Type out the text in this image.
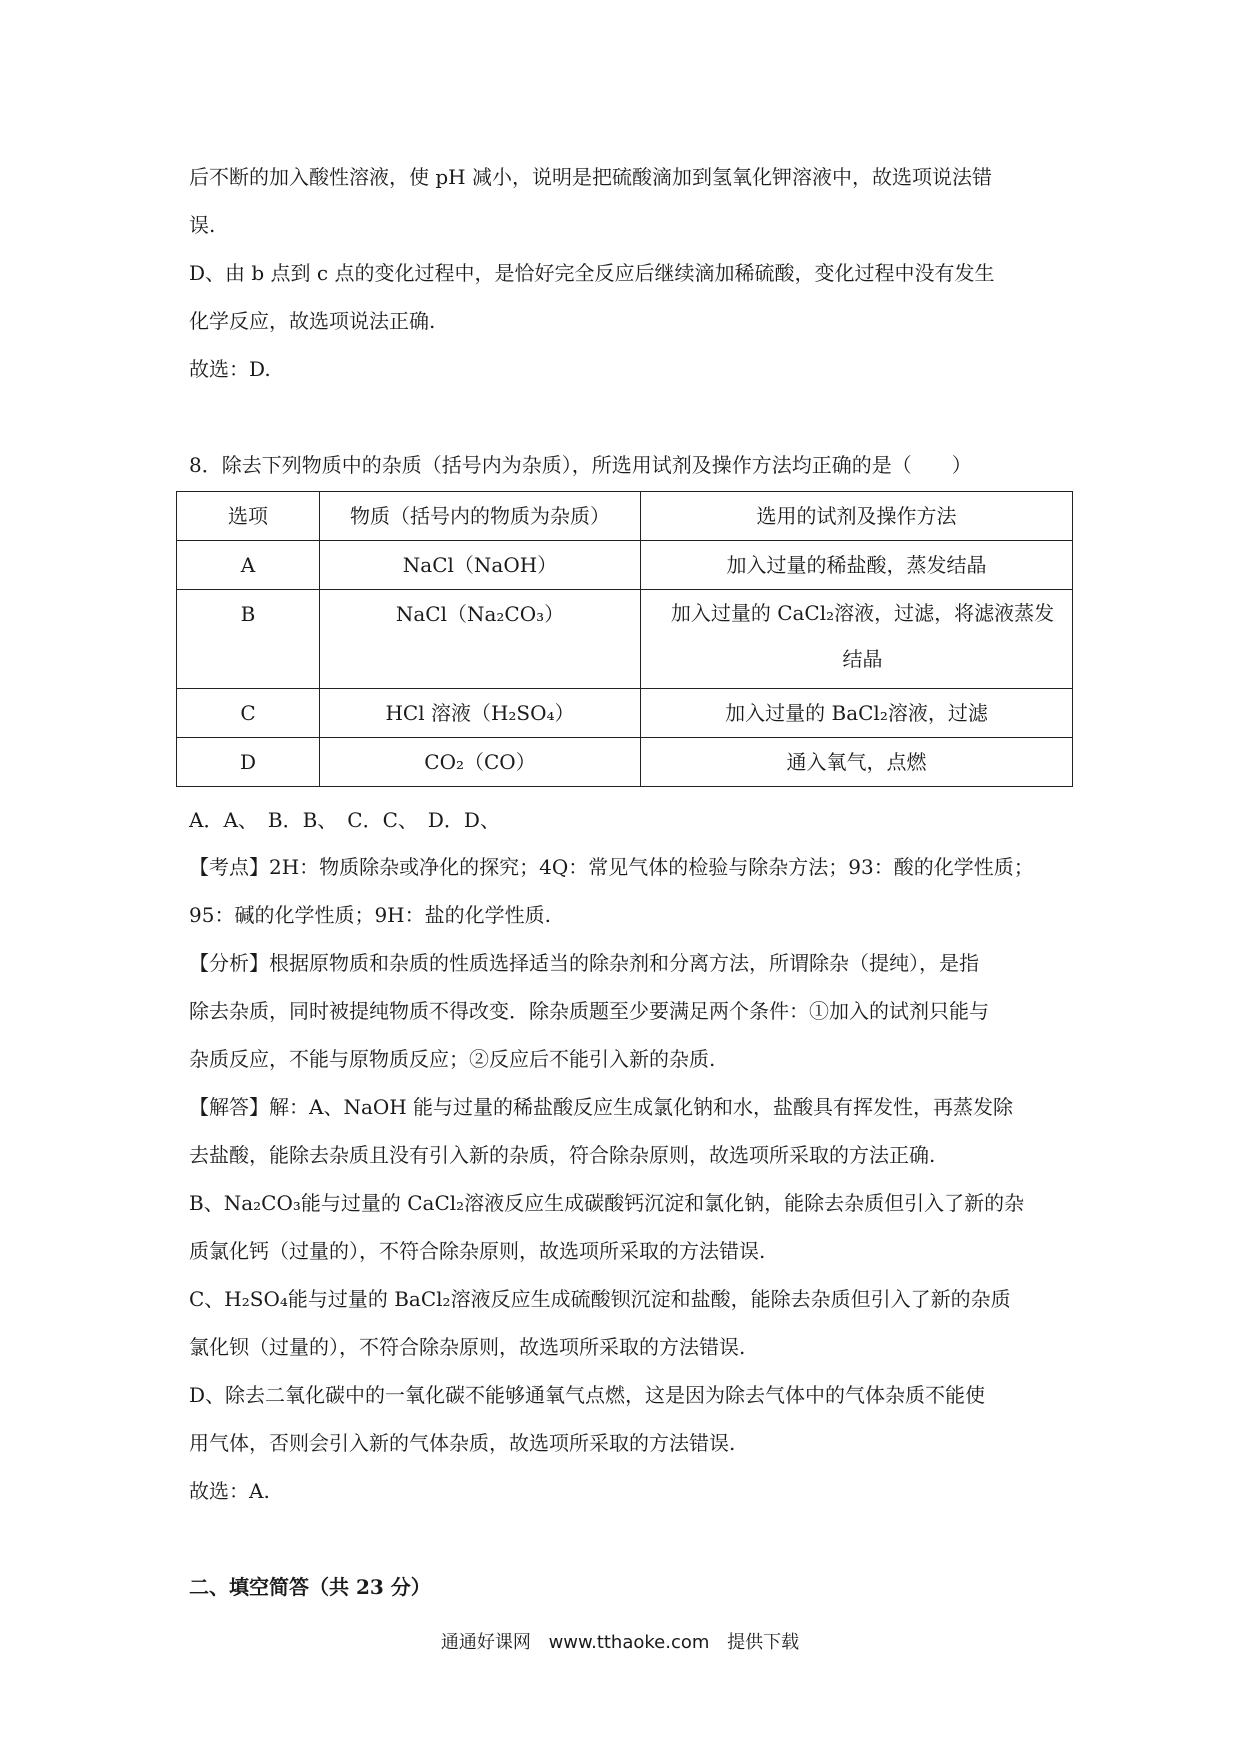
后不断的加入酸性溶液，使 pH 减小，说明是把硫酸滴加到氢氧化钾溶液中，故选项说法错
误.
D、由 b 点到 c 点的变化过程中，是恰好完全反应后继续滴加稀硫酸，变化过程中没有发生
化学反应，故选项说法正确.
故选：D.
8．除去下列物质中的杂质（括号内为杂质），所选用试剂及操作方法均正确的是（　　）
选项	物质（括号内的物质为杂质）	选用的试剂及操作方法
A	NaCl（NaOH）	加入过量的稀盐酸，蒸发结晶
B	NaCl（Na₂CO₃）	加入过量的 CaCl₂溶液，过滤，将滤液蒸发结晶
C	HCl 溶液（H₂SO₄）	加入过量的 BaCl₂溶液，过滤
D	CO₂（CO）	通入氧气，点燃
A．A、　B．B、　C．C、　D．D、
【考点】2H：物质除杂或净化的探究；4Q：常见气体的检验与除杂方法；93：酸的化学性质；
95：碱的化学性质；9H：盐的化学性质.
【分析】根据原物质和杂质的性质选择适当的除杂剂和分离方法，所谓除杂（提纯），是指
除去杂质，同时被提纯物质不得改变．除杂质题至少要满足两个条件：①加入的试剂只能与
杂质反应，不能与原物质反应；②反应后不能引入新的杂质.
【解答】解：A、NaOH 能与过量的稀盐酸反应生成氯化钠和水，盐酸具有挥发性，再蒸发除
去盐酸，能除去杂质且没有引入新的杂质，符合除杂原则，故选项所采取的方法正确.
B、Na₂CO₃能与过量的 CaCl₂溶液反应生成碳酸钙沉淀和氯化钠，能除去杂质但引入了新的杂
质氯化钙（过量的），不符合除杂原则，故选项所采取的方法错误.
C、H₂SO₄能与过量的 BaCl₂溶液反应生成硫酸钡沉淀和盐酸，能除去杂质但引入了新的杂质
氯化钡（过量的），不符合除杂原则，故选项所采取的方法错误.
D、除去二氧化碳中的一氧化碳不能够通氧气点燃，这是因为除去气体中的气体杂质不能使
用气体，否则会引入新的气体杂质，故选项所采取的方法错误.
故选：A.
二、填空简答（共 23 分）
通通好课网 www.tthaoke.com 提供下载
